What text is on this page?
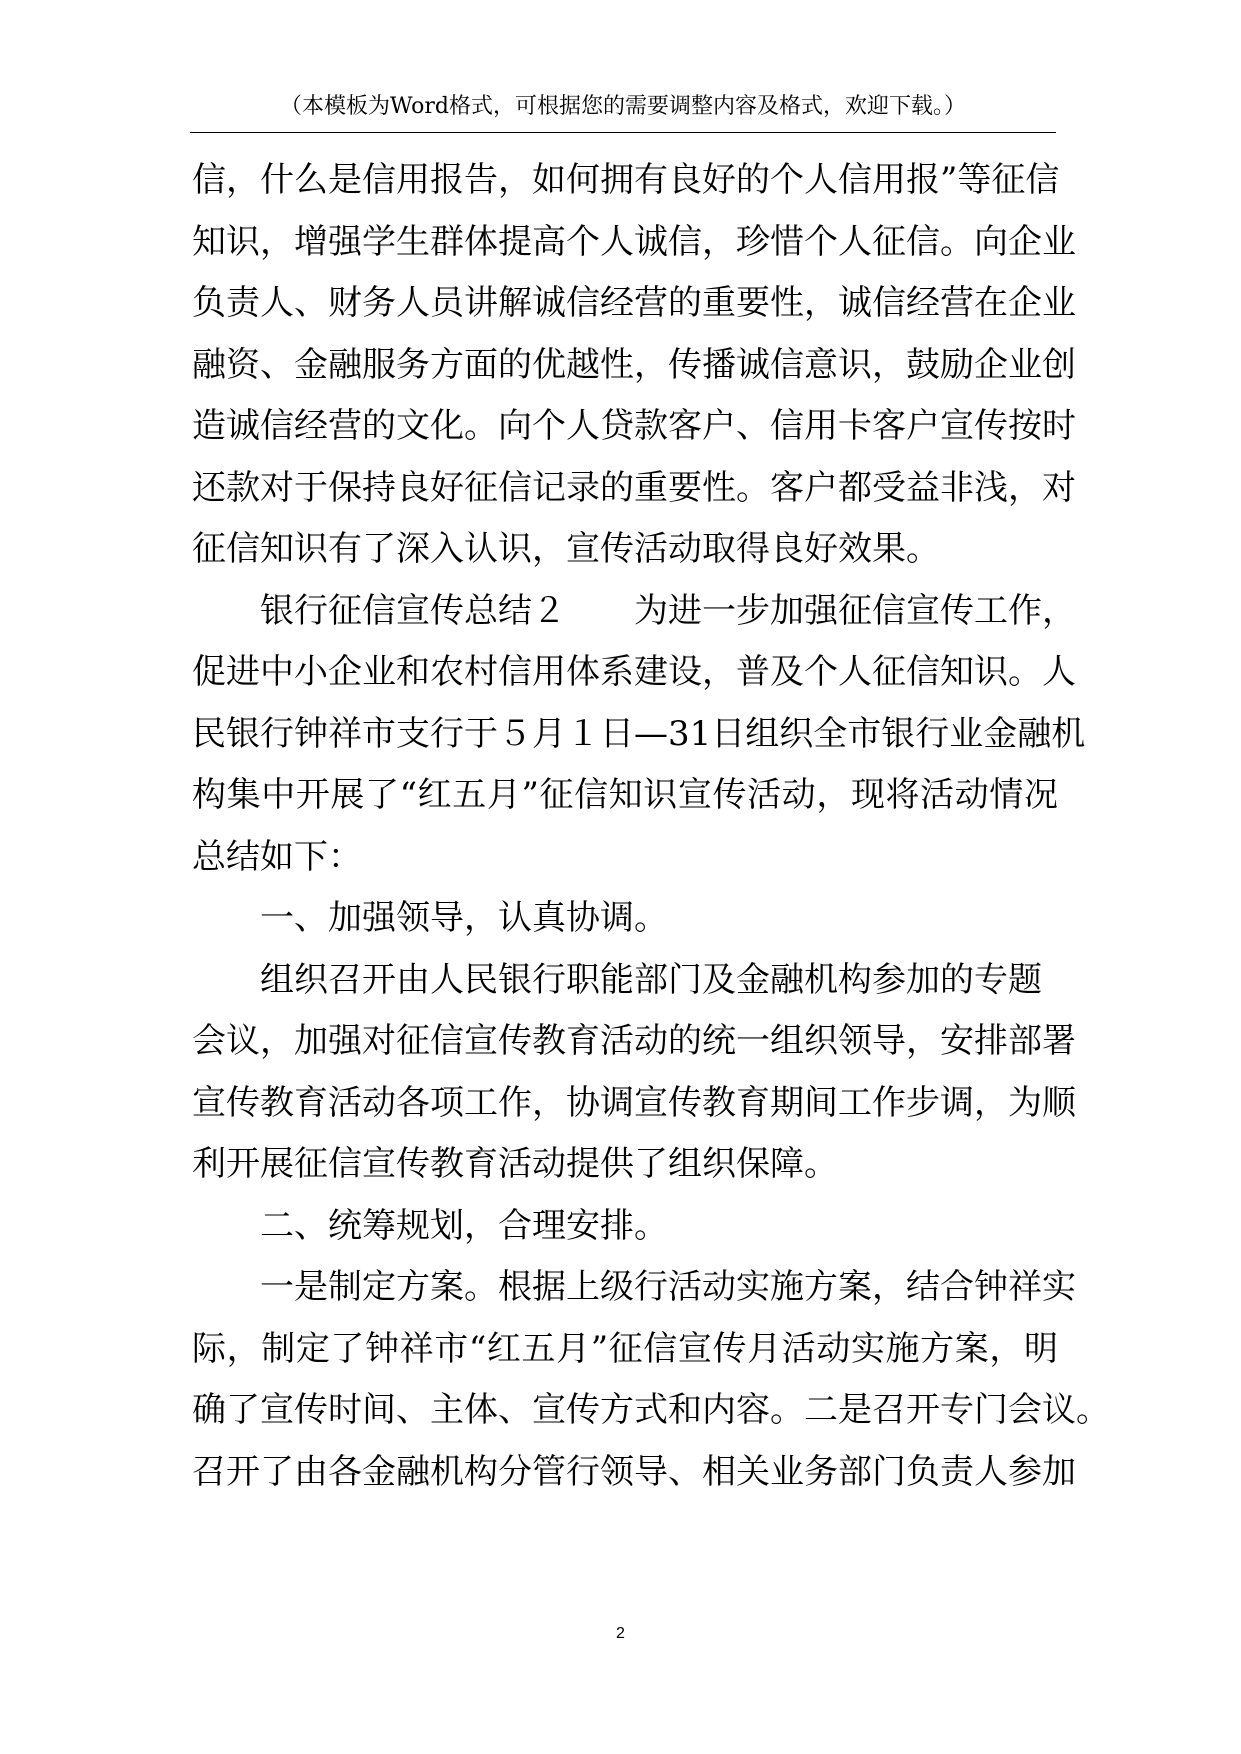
（本模板为Word格式，可根据您的需要调整内容及格式，欢迎下载。）
信，什么是信用报告，如何拥有良好的个人信用报”等征信
知识，增强学生群体提高个人诚信，珍惜个人征信。向企业
负责人、财务人员讲解诚信经营的重要性，诚信经营在企业
融资、金融服务方面的优越性，传播诚信意识，鼓励企业创
造诚信经营的文化。向个人贷款客户、信用卡客户宣传按时
还款对于保持良好征信记录的重要性。客户都受益非浅，对
征信知识有了深入认识，宣传活动取得良好效果。
银行征信宣传总结２　　为进一步加强征信宣传工作，
促进中小企业和农村信用体系建设，普及个人征信知识。人
民银行钟祥市支行于５月１日—31日组织全市银行业金融机
构集中开展了“红五月”征信知识宣传活动，现将活动情况
总结如下：
一、加强领导，认真协调。
组织召开由人民银行职能部门及金融机构参加的专题
会议，加强对征信宣传教育活动的统一组织领导，安排部署
宣传教育活动各项工作，协调宣传教育期间工作步调，为顺
利开展征信宣传教育活动提供了组织保障。
二、统筹规划，合理安排。
一是制定方案。根据上级行活动实施方案，结合钟祥实
际，制定了钟祥市“红五月”征信宣传月活动实施方案，明
确了宣传时间、主体、宣传方式和内容。二是召开专门会议。
召开了由各金融机构分管行领导、相关业务部门负责人参加
2
